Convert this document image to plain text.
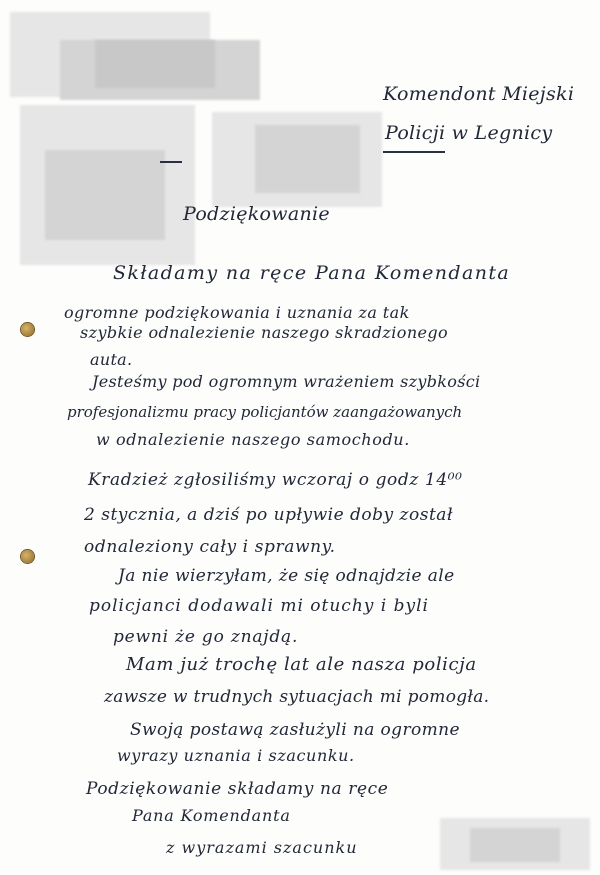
Komendont Miejski
Policji w Legnicy
Podziękowanie
Składamy na ręce Pana Komendanta
ogromne podziękowania i uznania za tak
szybkie odnalezienie naszego skradzionego
auta.
Jesteśmy pod ogromnym wrażeniem szybkości
profesjonalizmu pracy policjantów zaangażowanych
w odnalezienie naszego samochodu.
Kradzież zgłosiliśmy wczoraj o godz 14⁰⁰
2 stycznia, a dziś po upływie doby został
odnaleziony cały i sprawny.
Ja nie wierzyłam, że się odnajdzie ale
policjanci dodawali mi otuchy i byli
pewni że go znajdą.
Mam już trochę lat ale nasza policja
zawsze w trudnych sytuacjach mi pomogła.
Swoją postawą zasłużyli na ogromne
wyrazy uznania i szacunku.
Podziękowanie składamy na ręce
Pana Komendanta
z wyrazami szacunku
